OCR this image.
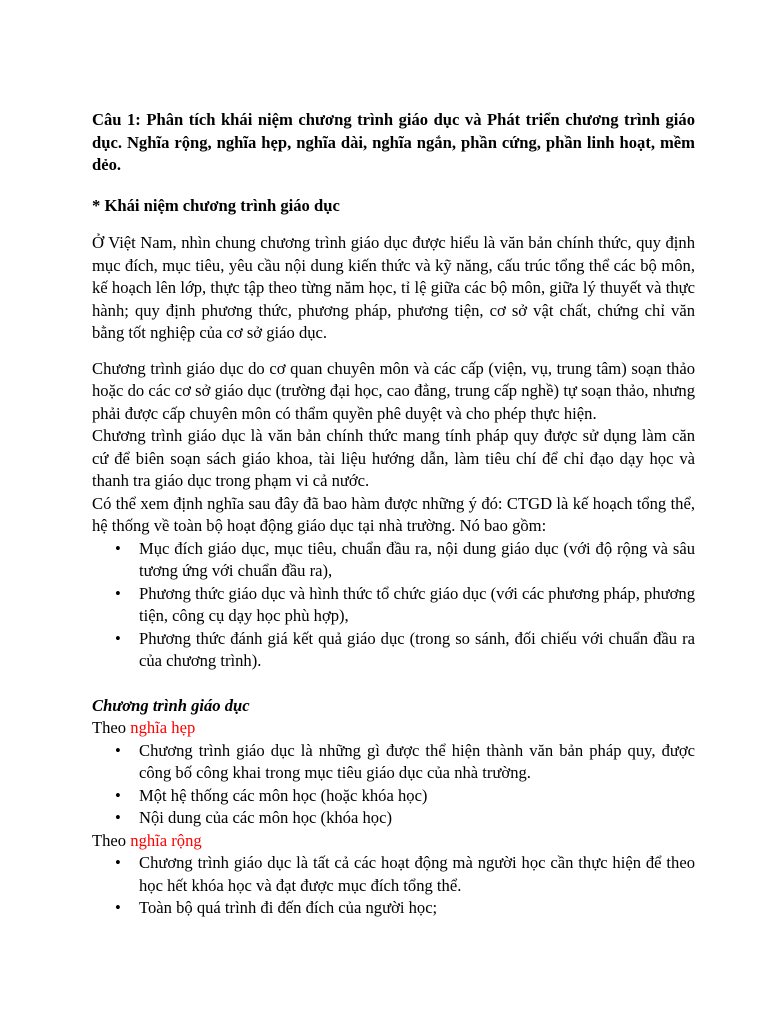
Câu 1: Phân tích khái niệm chương trình giáo dục và Phát triển chương trình giáo dục. Nghĩa rộng, nghĩa hẹp, nghĩa dài, nghĩa ngắn, phần cứng, phần linh hoạt, mềm dẻo.

* Khái niệm chương trình giáo dục

Ở Việt Nam, nhìn chung chương trình giáo dục được hiểu là văn bản chính thức, quy định mục đích, mục tiêu, yêu cầu nội dung kiến thức và kỹ năng, cấu trúc tổng thể các bộ môn, kế hoạch lên lớp, thực tập theo từng năm học, tỉ lệ giữa các bộ môn, giữa lý thuyết và thực hành; quy định phương thức, phương pháp, phương tiện, cơ sở vật chất, chứng chỉ văn bằng tốt nghiệp của cơ sở giáo dục.

Chương trình giáo dục do cơ quan chuyên môn và các cấp (viện, vụ, trung tâm) soạn thảo hoặc do các cơ sở giáo dục (trường đại học, cao đẳng, trung cấp nghề) tự soạn thảo, nhưng phải được cấp chuyên môn có thẩm quyền phê duyệt và cho phép thực hiện.

Chương trình giáo dục là văn bản chính thức mang tính pháp quy được sử dụng làm căn cứ để biên soạn sách giáo khoa, tài liệu hướng dẫn, làm tiêu chí để chỉ đạo dạy học và thanh tra giáo dục trong phạm vi cả nước.

Có thể xem định nghĩa sau đây đã bao hàm được những ý đó: CTGD là kế hoạch tổng thể, hệ thống về toàn bộ hoạt động giáo dục tại nhà trường. Nó bao gồm:

• Mục đích giáo dục, mục tiêu, chuẩn đầu ra, nội dung giáo dục (với độ rộng và sâu tương ứng với chuẩn đầu ra),
• Phương thức giáo dục và hình thức tổ chức giáo dục (với các phương pháp, phương tiện, công cụ dạy học phù hợp),
• Phương thức đánh giá kết quả giáo dục (trong so sánh, đối chiếu với chuẩn đầu ra của chương trình).

Chương trình giáo dục

Theo nghĩa hẹp

• Chương trình giáo dục là những gì được thể hiện thành văn bản pháp quy, được công bố công khai trong mục tiêu giáo dục của nhà trường.
• Một hệ thống các môn học (hoặc khóa học)
• Nội dung của các môn học (khóa học)

Theo nghĩa rộng

• Chương trình giáo dục là tất cả các hoạt động mà người học cần thực hiện để theo học hết khóa học và đạt được mục đích tổng thể.
• Toàn bộ quá trình đi đến đích của người học;
